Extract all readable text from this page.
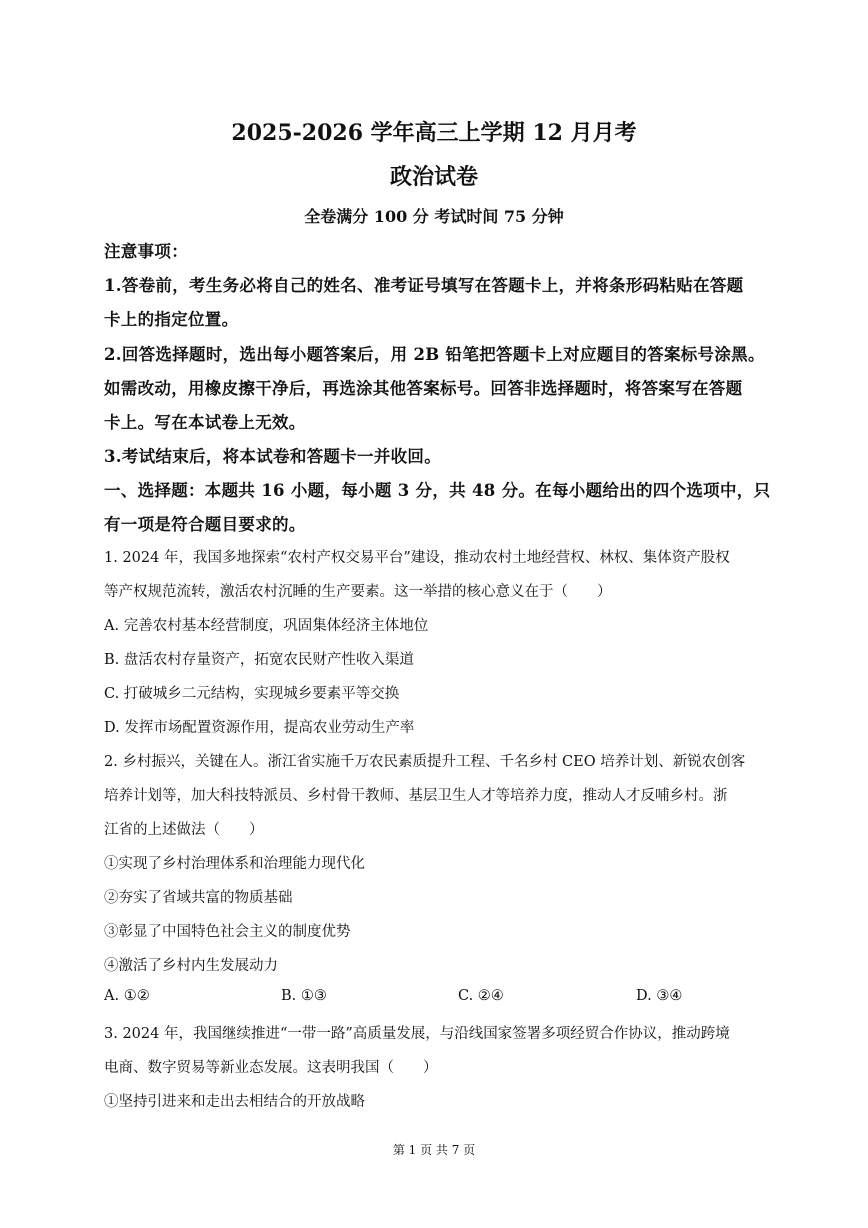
2025-2026 学年高三上学期 12 月月考
政治试卷
全卷满分 100 分 考试时间 75 分钟
注意事项：
1.答卷前，考生务必将自己的姓名、准考证号填写在答题卡上，并将条形码粘贴在答题
卡上的指定位置。
2.回答选择题时，选出每小题答案后，用 2B 铅笔把答题卡上对应题目的答案标号涂黑。
如需改动，用橡皮擦干净后，再选涂其他答案标号。回答非选择题时，将答案写在答题
卡上。写在本试卷上无效。
3.考试结束后，将本试卷和答题卡一并收回。
一、选择题：本题共 16 小题，每小题 3 分，共 48 分。在每小题给出的四个选项中，只
有一项是符合题目要求的。
1. 2024 年，我国多地探索“农村产权交易平台”建设，推动农村土地经营权、林权、集体资产股权
等产权规范流转，激活农村沉睡的生产要素。这一举措的核心意义在于（　　）
A. 完善农村基本经营制度，巩固集体经济主体地位
B. 盘活农村存量资产，拓宽农民财产性收入渠道
C. 打破城乡二元结构，实现城乡要素平等交换
D. 发挥市场配置资源作用，提高农业劳动生产率
2. 乡村振兴，关键在人。浙江省实施千万农民素质提升工程、千名乡村 CEO 培养计划、新锐农创客
培养计划等，加大科技特派员、乡村骨干教师、基层卫生人才等培养力度，推动人才反哺乡村。浙
江省的上述做法（　　）
①实现了乡村治理体系和治理能力现代化
②夯实了省域共富的物质基础
③彰显了中国特色社会主义的制度优势
④激活了乡村内生发展动力
A. ①②	B. ①③	C. ②④	D. ③④
3. 2024 年，我国继续推进“一带一路”高质量发展，与沿线国家签署多项经贸合作协议，推动跨境
电商、数字贸易等新业态发展。这表明我国（　　）
①坚持引进来和走出去相结合的开放战略
第 1 页 共 7 页
